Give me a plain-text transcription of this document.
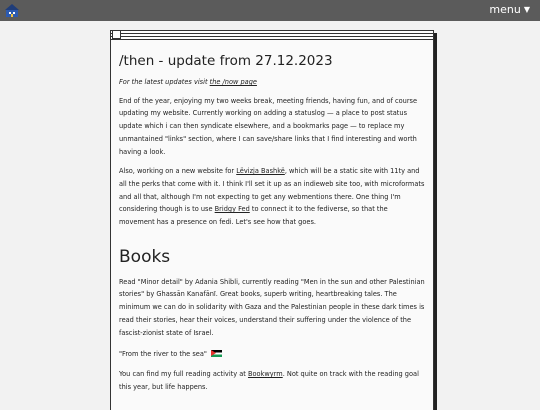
menu ▼
/then - update from 27.12.2023

For the latest updates visit the /now page

End of the year, enjoying my two weeks break, meeting friends, having fun, and of course updating my website. Currently working on adding a statuslog — a place to post status update which i can then syndicate elsewhere, and a bookmarks page — to replace my unmantained "links" section, where I can save/share links that I find interesting and worth having a look.

Also, working on a new website for Lëvizja Bashkë, which will be a static site with 11ty and all the perks that come with it. I think I'll set it up as an indieweb site too, with microformats and all that, although I'm not expecting to get any webmentions there. One thing I'm considering though is to use Bridgy Fed to connect it to the fediverse, so that the movement has a presence on fedi. Let's see how that goes.

Books

Read "Minor detail" by Adania Shibli, currently reading "Men in the sun and other Palestinian stories" by Ghassān Kanafānī. Great books, superb writing, heartbreaking tales. The minimum we can do in solidarity with Gaza and the Palestinian people in these dark times is read their stories, hear their voices, understand their suffering under the violence of the fascist-zionist state of Israel.

"From the river to the sea"

You can find my full reading activity at Bookwyrm. Not quite on track with the reading goal this year, but life happens.
